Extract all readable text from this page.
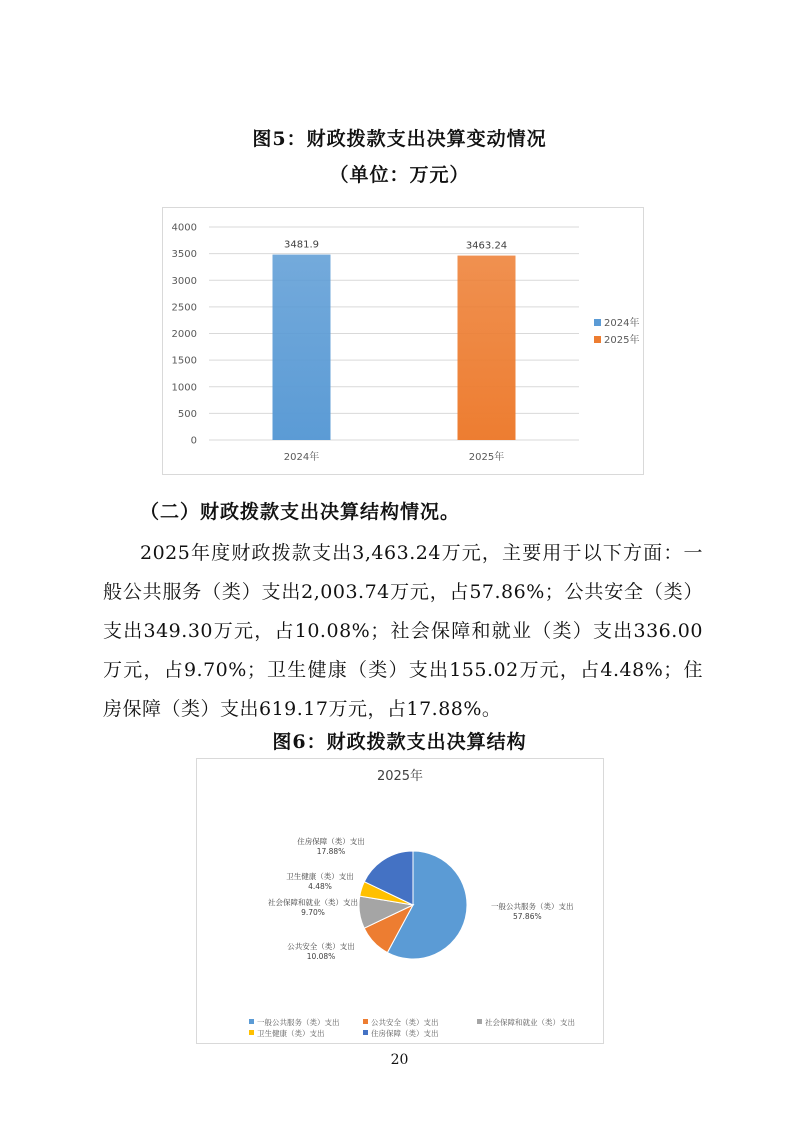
图5：财政拨款支出决算变动情况
（单位：万元）
0
500
1000
1500
2000
2500
3000
3500
4000
2024年	2025年
3481.9	3463.24
2024年
2025年
（二）财政拨款支出决算结构情况。
2025年度财政拨款支出3,463.24万元，主要用于以下方面：一
般公共服务（类）支出2,003.74万元，占57.86%；公共安全（类）
支出349.30万元，占10.08%；社会保障和就业（类）支出336.00
万元，占9.70%；卫生健康（类）支出155.02万元，占4.48%；住
房保障（类）支出619.17万元，占17.88%。
图6：财政拨款支出决算结构
2025年
一般公共服务（类）支出
57.86%
公共安全（类）支出
10.08%
社会保障和就业（类）支出
9.70%
卫生健康（类）支出
4.48%
住房保障（类）支出
17.88%
一般公共服务（类）支出	公共安全（类）支出	社会保障和就业（类）支出
卫生健康（类）支出	住房保障（类）支出
20
